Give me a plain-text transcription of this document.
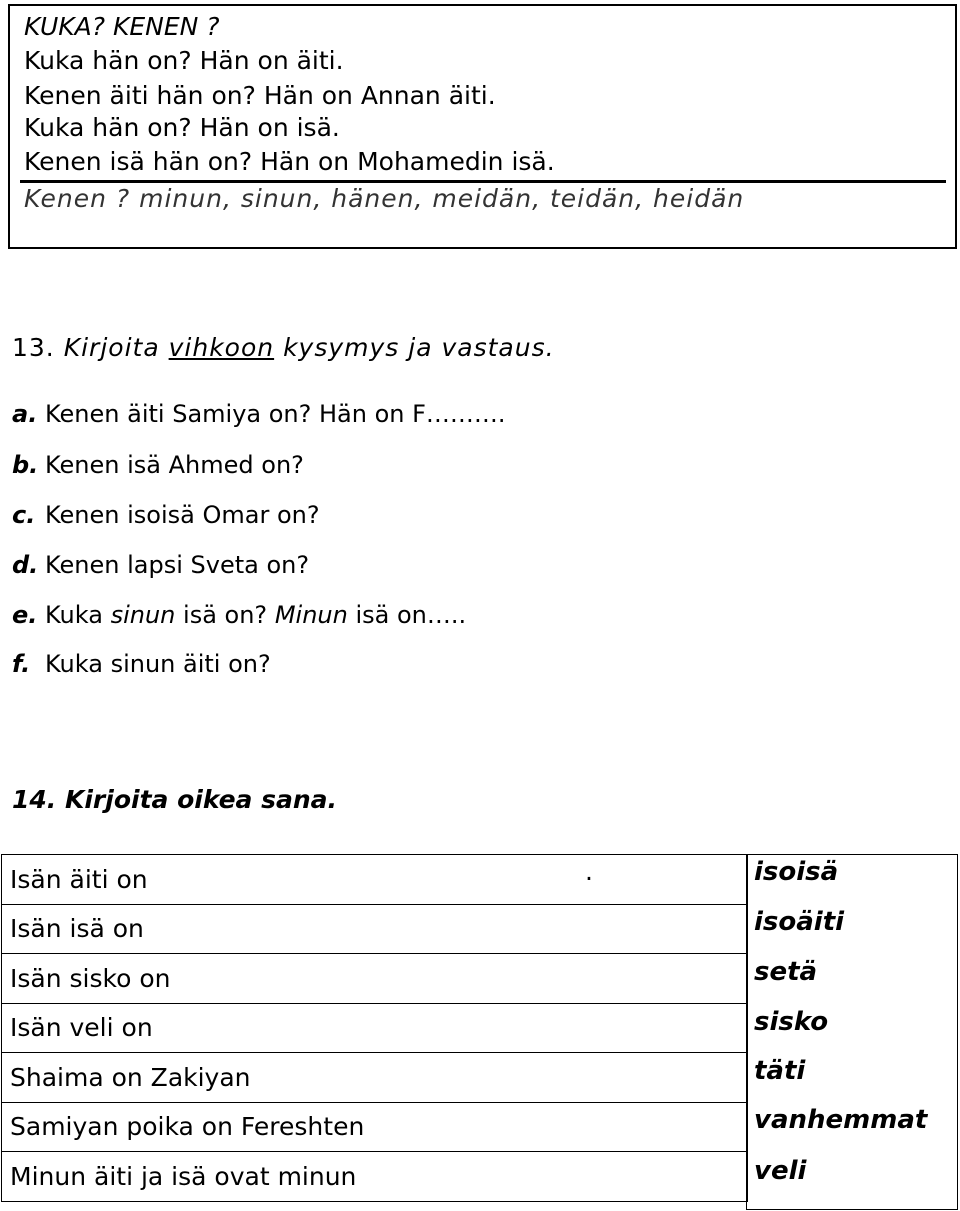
KUKA? KENEN ?
Kuka hän on? Hän on äiti.
Kenen äiti hän on? Hän on Annan äiti.
Kuka hän on? Hän on isä.
Kenen isä hän on? Hän on Mohamedin isä.
Kenen ? minun, sinun, hänen, meidän, teidän, heidän
13. Kirjoita vihkoon kysymys ja vastaus.
a. Kenen äiti Samiya on? Hän on F……….
b. Kenen isä Ahmed on?
c. Kenen isoisä Omar on?
d. Kenen lapsi Sveta on?
e. Kuka sinun isä on? Minun isä on…..
f. Kuka sinun äiti on?
14. Kirjoita oikea sana.
Isän äiti on	
Isän isä on
Isän sisko on
Isän veli on
Shaima on Zakiyan
Samiyan poika on Fereshten
Minun äiti ja isä ovat minun
.	isoisä
isoäiti
setä
sisko
täti
vanhemmat
veli
